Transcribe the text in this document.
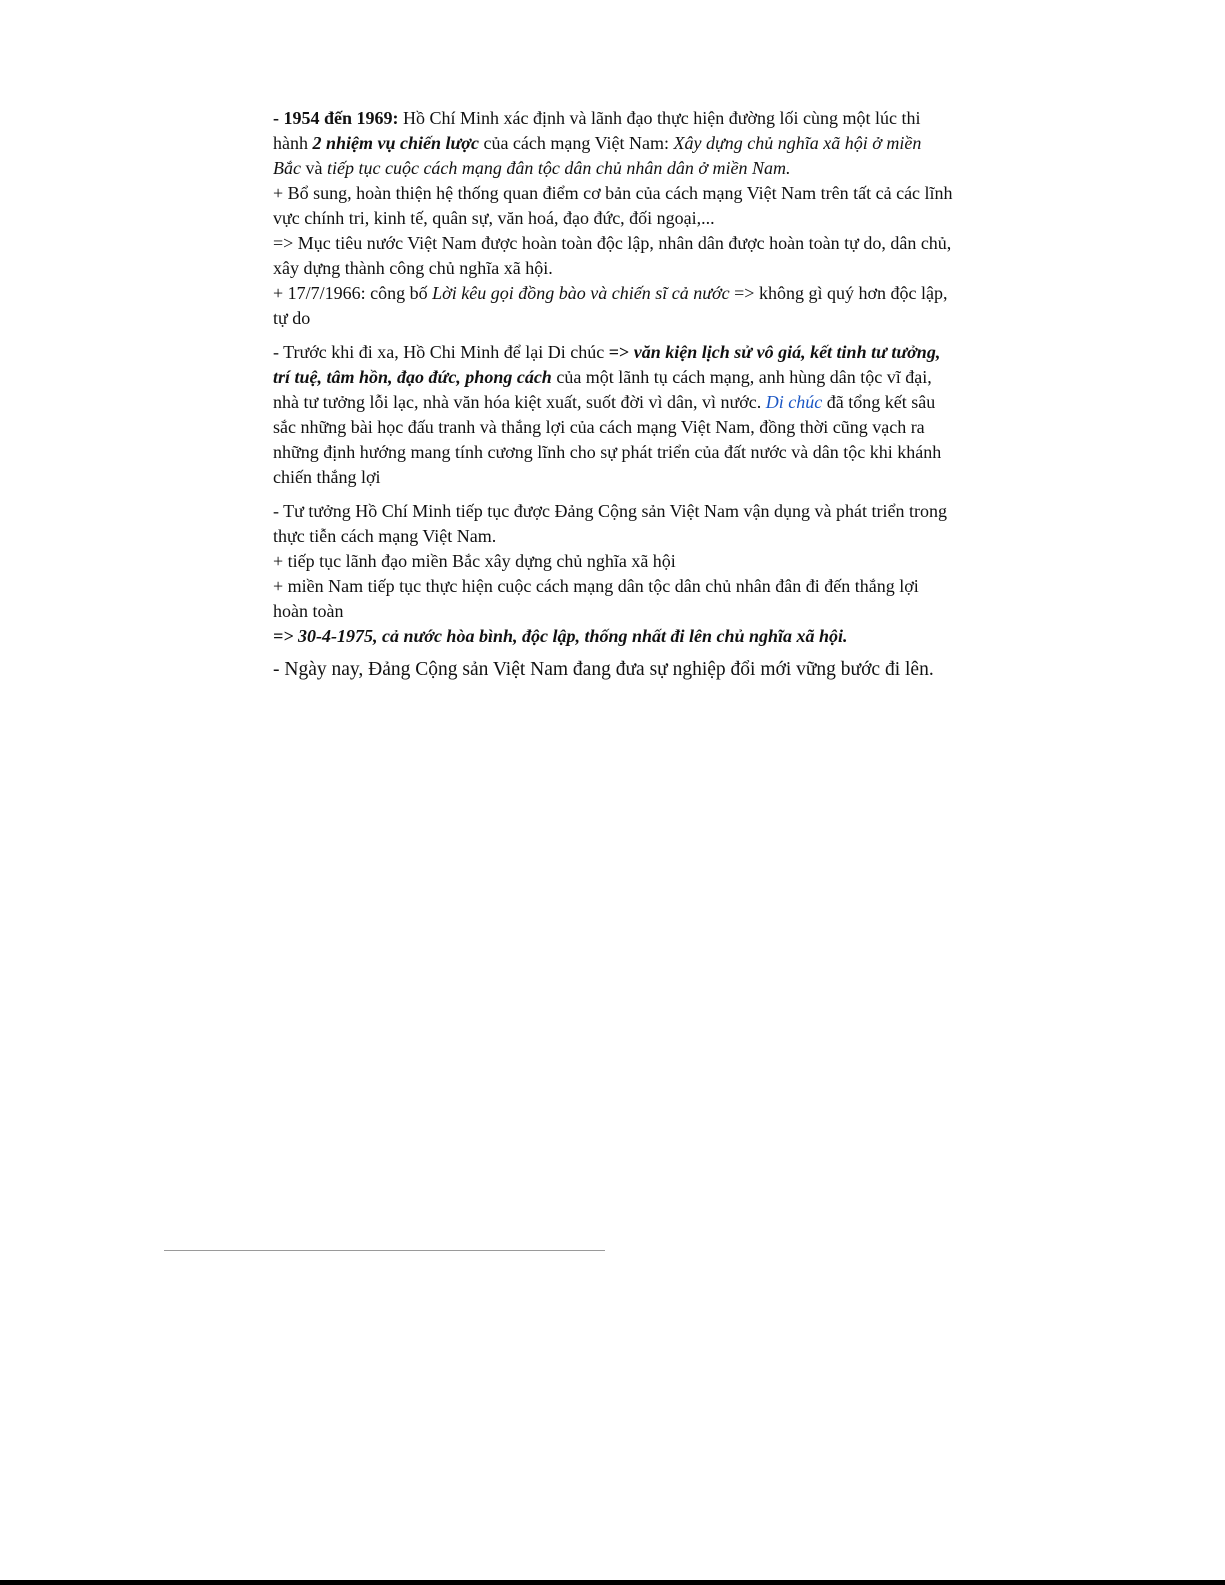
- 1954 đến 1969: Hồ Chí Minh xác định và lãnh đạo thực hiện đường lối cùng một lúc thi hành 2 nhiệm vụ chiến lược của cách mạng Việt Nam: Xây dựng chủ nghĩa xã hội ở miền Bắc và tiếp tục cuộc cách mạng đân tộc dân chủ nhân dân ở miền Nam.

+ Bổ sung, hoàn thiện hệ thống quan điểm cơ bản của cách mạng Việt Nam trên tất cả các lĩnh vực chính tri, kinh tế, quân sự, văn hoá, đạo đức, đối ngoại,...

=> Mục tiêu nước Việt Nam được hoàn toàn độc lập, nhân dân được hoàn toàn tự do, dân chủ, xây dựng thành công chủ nghĩa xã hội.

+ 17/7/1966: công bố Lời kêu gọi đồng bào và chiến sĩ cả nước => không gì quý hơn độc lập, tự do

- Trước khi đi xa, Hồ Chi Minh để lại Di chúc => văn kiện lịch sử vô giá, kết tinh tư tưởng, trí tuệ, tâm hồn, đạo đức, phong cách của một lãnh tụ cách mạng, anh hùng dân tộc vĩ đại, nhà tư tưởng lỗi lạc, nhà văn hóa kiệt xuất, suốt đời vì dân, vì nước. Di chúc đã tổng kết sâu sắc những bài học đấu tranh và thắng lợi của cách mạng Việt Nam, đồng thời cũng vạch ra những định hướng mang tính cương lĩnh cho sự phát triển của đất nước và dân tộc khi khánh chiến thắng lợi

- Tư tưởng Hồ Chí Minh tiếp tục được Đảng Cộng sản Việt Nam vận dụng và phát triển trong thực tiễn cách mạng Việt Nam.

+ tiếp tục lãnh đạo miền Bắc xây dựng chủ nghĩa xã hội

+ miền Nam tiếp tục thực hiện cuộc cách mạng dân tộc dân chủ nhân đân đi đến thắng lợi hoàn toàn

=> 30-4-1975, cả nước hòa bình, độc lập, thống nhất đi lên chủ nghĩa xã hội.

- Ngày nay, Đảng Cộng sản Việt Nam đang đưa sự nghiệp đổi mới vững bước đi lên.
